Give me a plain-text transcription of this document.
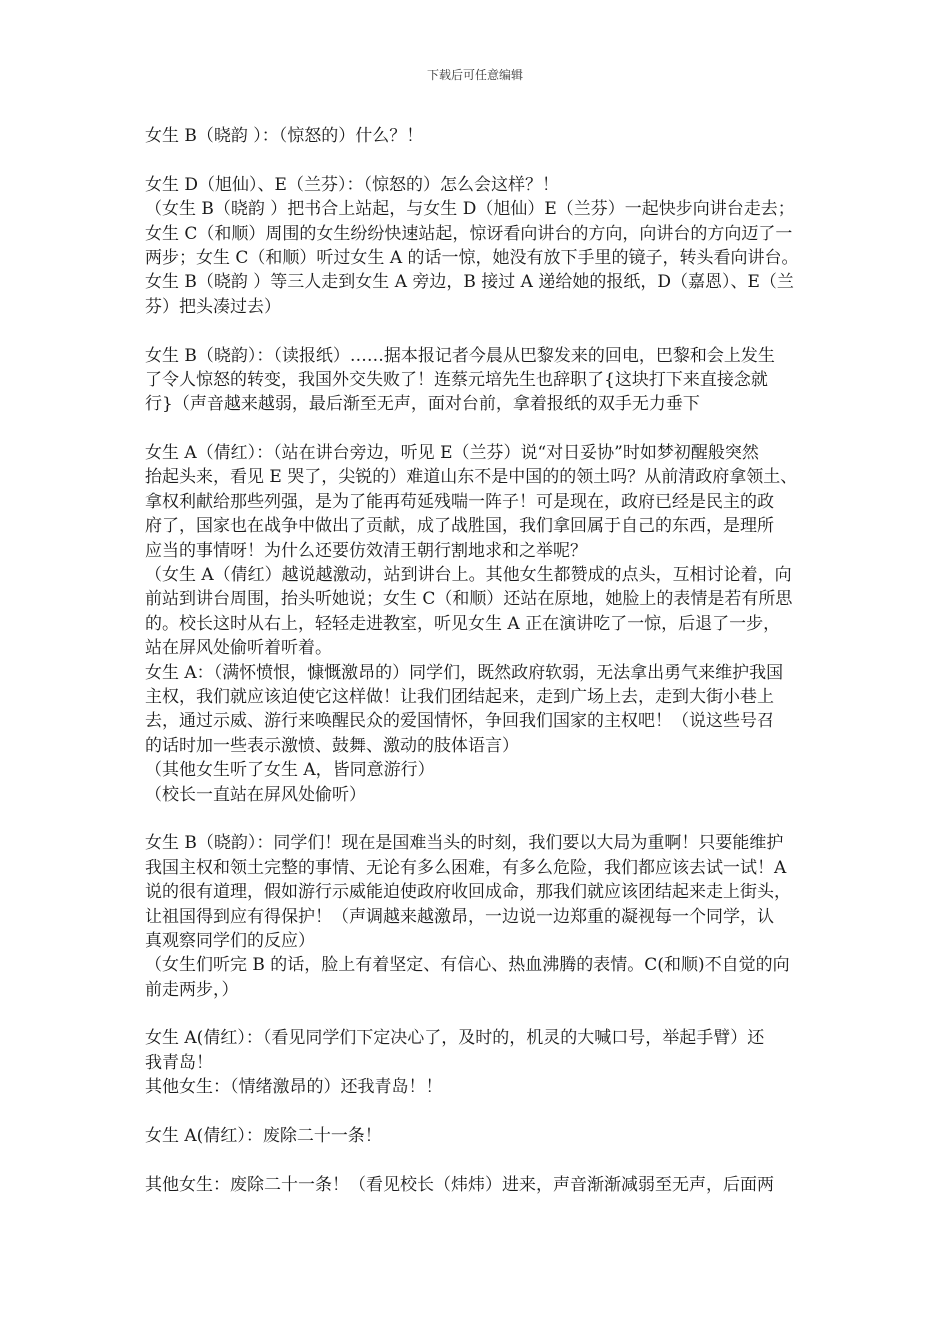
下载后可任意编辑
女生 B（晓韵 ）：（惊怒的）什么？！
女生 D（旭仙）、E（兰芬）：（惊怒的）怎么会这样？！
（女生 B（晓韵 ）把书合上站起，与女生 D（旭仙）E（兰芬）一起快步向讲台走去；
女生 C（和顺）周围的女生纷纷快速站起，惊讶看向讲台的方向，向讲台的方向迈了一
两步；女生 C（和顺）听过女生 A 的话一惊，她没有放下手里的镜子，转头看向讲台。
女生 B（晓韵 ）等三人走到女生 A 旁边，B 接过 A 递给她的报纸，D（嘉恩）、E（兰
芬）把头凑过去）
女生 B（晓韵）：（读报纸）……据本报记者今晨从巴黎发来的回电，巴黎和会上发生
了令人惊怒的转变，我国外交失败了！连蔡元培先生也辞职了{这块打下来直接念就
行}（声音越来越弱，最后渐至无声，面对台前，拿着报纸的双手无力垂下
女生 A（倩红）：（站在讲台旁边，听见 E（兰芬）说“对日妥协”时如梦初醒般突然
抬起头来，看见 E 哭了，尖锐的）难道山东不是中国的的领土吗？从前清政府拿领土、
拿权利献给那些列强，是为了能再苟延残喘一阵子！可是现在，政府已经是民主的政
府了，国家也在战争中做出了贡献，成了战胜国，我们拿回属于自己的东西，是理所
应当的事情呀！为什么还要仿效清王朝行割地求和之举呢？
（女生 A（倩红）越说越激动，站到讲台上。其他女生都赞成的点头，互相讨论着，向
前站到讲台周围，抬头听她说；女生 C（和顺）还站在原地，她脸上的表情是若有所思
的。校长这时从右上，轻轻走进教室，听见女生 A 正在演讲吃了一惊，后退了一步，
站在屏风处偷听着听着。
女生 A：（满怀愤恨，慷慨激昂的）同学们，既然政府软弱，无法拿出勇气来维护我国
主权，我们就应该迫使它这样做！让我们团结起来，走到广场上去，走到大街小巷上
去，通过示威、游行来唤醒民众的爱国情怀，争回我们国家的主权吧！（说这些号召
的话时加一些表示激愤、鼓舞、激动的肢体语言）
（其他女生听了女生 A，皆同意游行）
（校长一直站在屏风处偷听）
女生 B（晓韵）：同学们！现在是国难当头的时刻，我们要以大局为重啊！只要能维护
我国主权和领土完整的事情、无论有多么困难，有多么危险，我们都应该去试一试！A
说的很有道理，假如游行示威能迫使政府收回成命，那我们就应该团结起来走上街头，
让祖国得到应有得保护！（声调越来越激昂，一边说一边郑重的凝视每一个同学，认
真观察同学们的反应）
（女生们听完 B 的话，脸上有着坚定、有信心、热血沸腾的表情。C(和顺)不自觉的向
前走两步，）
女生 A(倩红）：（看见同学们下定决心了，及时的，机灵的大喊口号，举起手臂）还
我青岛！
其他女生：（情绪激昂的）还我青岛！！
女生 A(倩红）：废除二十一条！
其他女生：废除二十一条！（看见校长（炜炜）进来，声音渐渐减弱至无声，后面两
